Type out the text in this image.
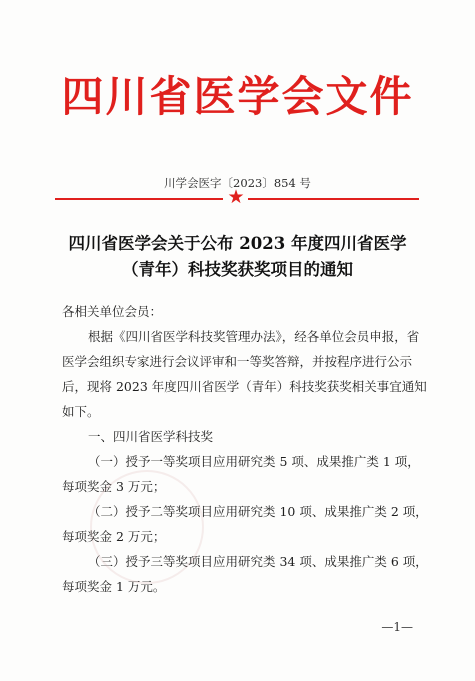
四川省医学会文件
川学会医字〔2023〕854 号
★
四川省医学会关于公布 2023 年度四川省医学
（青年）科技奖获奖项目的通知
各相关单位会员：
根据《四川省医学科技奖管理办法》，经各单位会员申报，省
医学会组织专家进行会议评审和一等奖答辩，并按程序进行公示
后，现将 2023 年度四川省医学（青年）科技奖获奖相关事宜通知
如下。
一、四川省医学科技奖
（一）授予一等奖项目应用研究类 5 项、成果推广类 1 项，
每项奖金 3 万元；
（二）授予二等奖项目应用研究类 10 项、成果推广类 2 项，
每项奖金 2 万元；
（三）授予三等奖项目应用研究类 34 项、成果推广类 6 项，
每项奖金 1 万元。
—1—
